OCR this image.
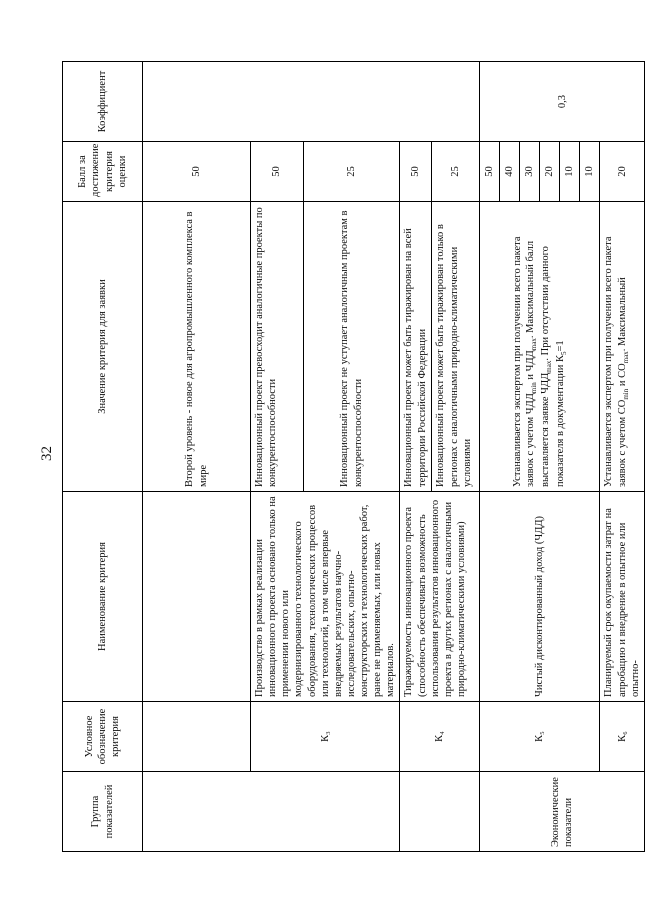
32
Группа показателей	Условное обозначение критерия	Наименование критерия	Значение критерия для заявки	Балл за достижение критерия оценки	Коэффициент
			Второй уровень - новое для агропромышленного комплекса в мире	50	
	К₃	Производство в рамках реализации инновационного проекта основано только на применении нового или модернизированного технологического оборудования, технологических процессов или технологий, в том числе впервые внедряемых результатов научно-исследовательских, опытно-конструкторских и технологических работ, ранее не применяемых, или новых материалов.	Инновационный проект превосходит аналогичные проекты по конкурентоспособности	50	
			Инновационный проект не уступает аналогичным проектам в конкурентоспособности	25	
	К₄	Тиражируемость инновационного проекта (способность обеспечивать возможность использования результатов инновационного проекта в других регионах с аналогичными природно-климатическими условиями)	Инновационный проект может быть тиражирован на всей территории Российской Федерации	50	
			Инновационный проект может быть тиражирован только в регионах с аналогичными природно-климатическими условиями	25	
Экономические показатели	К₅	Чистый дисконтированный доход (ЧДД)	Устанавливается экспертом при получении всего пакета заявок с учетом $ЧДД_{min}$ и $ЧДД_{max}$. Максимальный балл выставляется заявке $ЧДД_{max}$. При отсутствии данного показателя в документации $К_5=1$	50	0,3
				40	
				30	
				20	
				10	
				10	
	К₆	Планируемый срок окупаемости затрат на апробацию и внедрение в опытное или опытно-	Устанавливается экспертом при получении всего пакета заявок с учетом $СО_{min}$ и $СО_{max}$. Максимальный	20	
